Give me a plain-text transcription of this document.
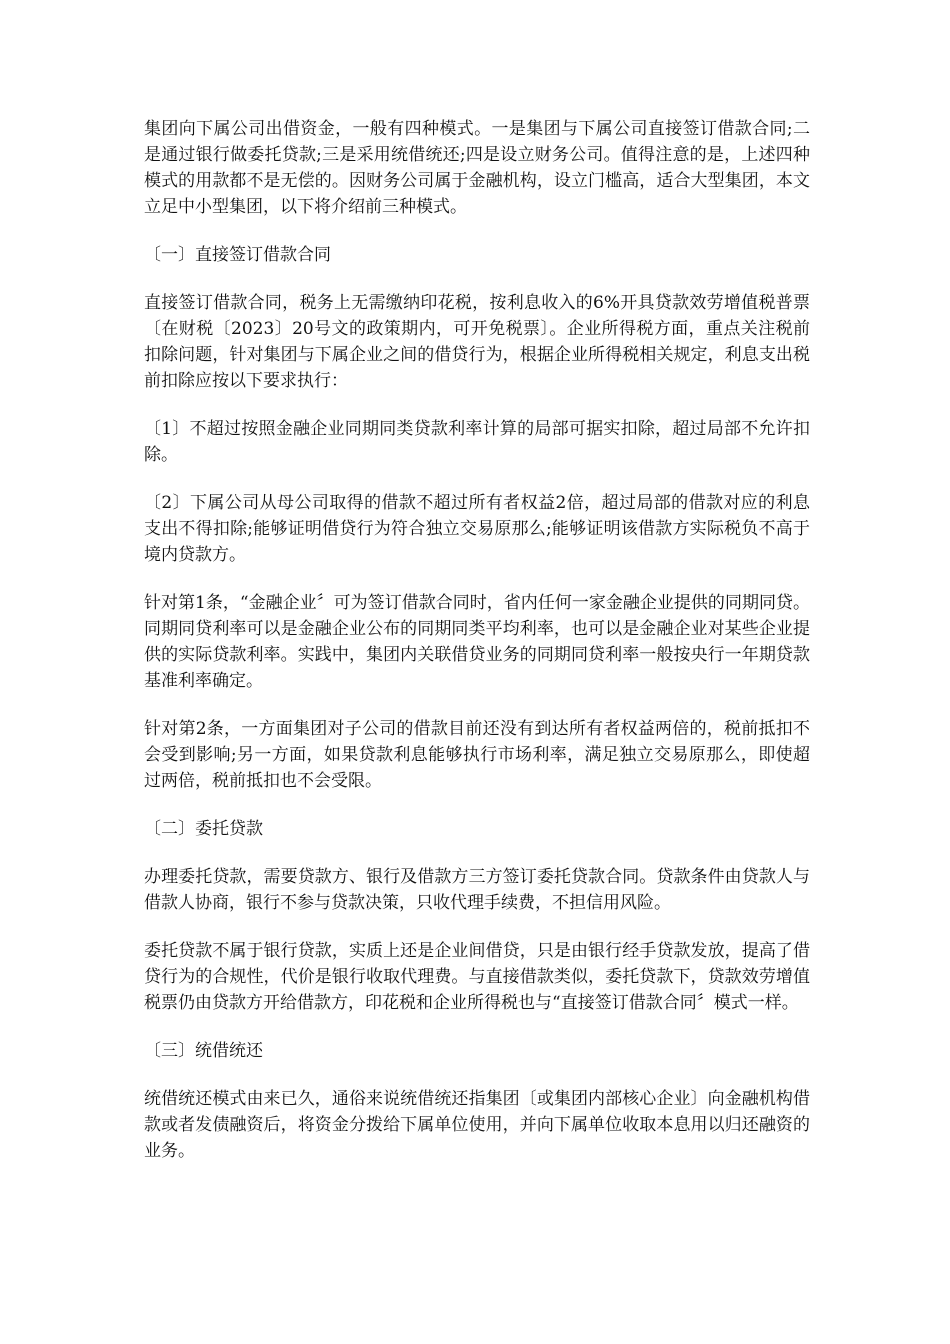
集团向下属公司出借资金，一般有四种模式。一是集团与下属公司直接签订借款合同;二是通过银行做委托贷款;三是采用统借统还;四是设立财务公司。值得注意的是，上述四种模式的用款都不是无偿的。因财务公司属于金融机构，设立门槛高，适合大型集团，本文立足中小型集团，以下将介绍前三种模式。

〔一〕直接签订借款合同

直接签订借款合同，税务上无需缴纳印花税，按利息收入的6%开具贷款效劳增值税普票〔在财税〔2023〕20号文的政策期内，可开免税票〕。企业所得税方面，重点关注税前扣除问题，针对集团与下属企业之间的借贷行为，根据企业所得税相关规定，利息支出税前扣除应按以下要求执行：

〔1〕不超过按照金融企业同期同类贷款利率计算的局部可据实扣除，超过局部不允许扣除。

〔2〕下属公司从母公司取得的借款不超过所有者权益2倍，超过局部的借款对应的利息支出不得扣除;能够证明借贷行为符合独立交易原那么;能够证明该借款方实际税负不高于境内贷款方。

针对第1条，“金融企业〞可为签订借款合同时，省内任何一家金融企业提供的同期同贷。同期同贷利率可以是金融企业公布的同期同类平均利率，也可以是金融企业对某些企业提供的实际贷款利率。实践中，集团内关联借贷业务的同期同贷利率一般按央行一年期贷款基准利率确定。

针对第2条，一方面集团对子公司的借款目前还没有到达所有者权益两倍的，税前抵扣不会受到影响;另一方面，如果贷款利息能够执行市场利率，满足独立交易原那么，即使超过两倍，税前抵扣也不会受限。

〔二〕委托贷款

办理委托贷款，需要贷款方、银行及借款方三方签订委托贷款合同。贷款条件由贷款人与借款人协商，银行不参与贷款决策，只收代理手续费，不担信用风险。

委托贷款不属于银行贷款，实质上还是企业间借贷，只是由银行经手贷款发放，提高了借贷行为的合规性，代价是银行收取代理费。与直接借款类似，委托贷款下，贷款效劳增值税票仍由贷款方开给借款方，印花税和企业所得税也与“直接签订借款合同〞模式一样。

〔三〕统借统还

统借统还模式由来已久，通俗来说统借统还指集团〔或集团内部核心企业〕向金融机构借款或者发债融资后，将资金分拨给下属单位使用，并向下属单位收取本息用以归还融资的业务。
